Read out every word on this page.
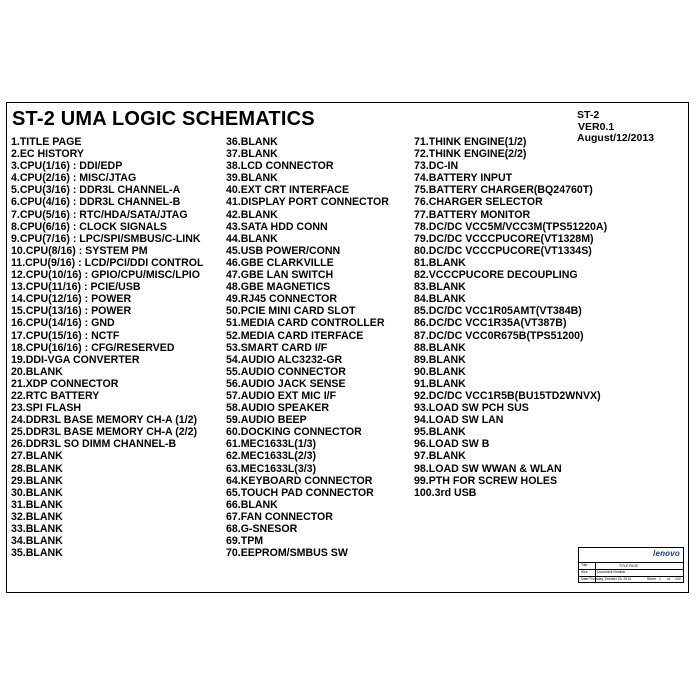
ST-2 UMA LOGIC SCHEMATICS	ST-2
VER0.1
August/12/2013
1.TITLE PAGE
2.EC HISTORY
3.CPU(1/16) : DDI/EDP
4.CPU(2/16) : MISC/JTAG
5.CPU(3/16) : DDR3L CHANNEL-A
6.CPU(4/16) : DDR3L CHANNEL-B
7.CPU(5/16) : RTC/HDA/SATA/JTAG
8.CPU(6/16) : CLOCK SIGNALS
9.CPU(7/16) : LPC/SPI/SMBUS/C-LINK
10.CPU(8/16) : SYSTEM PM
11.CPU(9/16) : LCD/PCI/DDI CONTROL
12.CPU(10/16) : GPIO/CPU/MISC/LPIO
13.CPU(11/16) : PCIE/USB
14.CPU(12/16) : POWER
15.CPU(13/16) : POWER
16.CPU(14/16) : GND
17.CPU(15/16) : NCTF
18.CPU(16/16) : CFG/RESERVED
19.DDI-VGA CONVERTER
20.BLANK
21.XDP CONNECTOR
22.RTC BATTERY
23.SPI FLASH
24.DDR3L BASE MEMORY CH-A (1/2)
25.DDR3L BASE MEMORY CH-A (2/2)
26.DDR3L SO DIMM CHANNEL-B
27.BLANK
28.BLANK
29.BLANK
30.BLANK
31.BLANK
32.BLANK
33.BLANK
34.BLANK
35.BLANK
36.BLANK
37.BLANK
38.LCD CONNECTOR
39.BLANK
40.EXT CRT INTERFACE
41.DISPLAY PORT CONNECTOR
42.BLANK
43.SATA HDD CONN
44.BLANK
45.USB POWER/CONN
46.GBE CLARKVILLE
47.GBE LAN SWITCH
48.GBE MAGNETICS
49.RJ45 CONNECTOR
50.PCIE MINI CARD SLOT
51.MEDIA CARD CONTROLLER
52.MEDIA CARD ITERFACE
53.SMART CARD I/F
54.AUDIO ALC3232-GR
55.AUDIO CONNECTOR
56.AUDIO JACK SENSE
57.AUDIO EXT MIC I/F
58.AUDIO SPEAKER
59.AUDIO BEEP
60.DOCKING CONNECTOR
61.MEC1633L(1/3)
62.MEC1633L(2/3)
63.MEC1633L(3/3)
64.KEYBOARD CONNECTOR
65.TOUCH PAD CONNECTOR
66.BLANK
67.FAN CONNECTOR
68.G-SNESOR
69.TPM
70.EEPROM/SMBUS SW
71.THINK ENGINE(1/2)
72.THINK ENGINE(2/2)
73.DC-IN
74.BATTERY INPUT
75.BATTERY CHARGER(BQ24760T)
76.CHARGER SELECTOR
77.BATTERY MONITOR
78.DC/DC VCC5M/VCC3M(TPS51220A)
79.DC/DC VCCCPUCORE(VT1328M)
80.DC/DC VCCCPUCORE(VT1334S)
81.BLANK
82.VCCCPUCORE DECOUPLING
83.BLANK
84.BLANK
85.DC/DC VCC1R05AMT(VT384B)
86.DC/DC VCC1R35A(VT387B)
87.DC/DC VCC0R675B(TPS51200)
88.BLANK
89.BLANK
90.BLANK
91.BLANK
92.DC/DC VCC1R5B(BU15TD2WNVX)
93.LOAD SW PCH SUS
94.LOAD SW LAN
95.BLANK
96.LOAD SW B
97.BLANK
98.LOAD SW WWAN & WLAN
99.PTH FOR SCREW HOLES
100.3rd USB
lenovo
Title	TITLE PAGE
Size	Document Number
Date: Thursday, October 23, 2014	Sheet 1 of 100
